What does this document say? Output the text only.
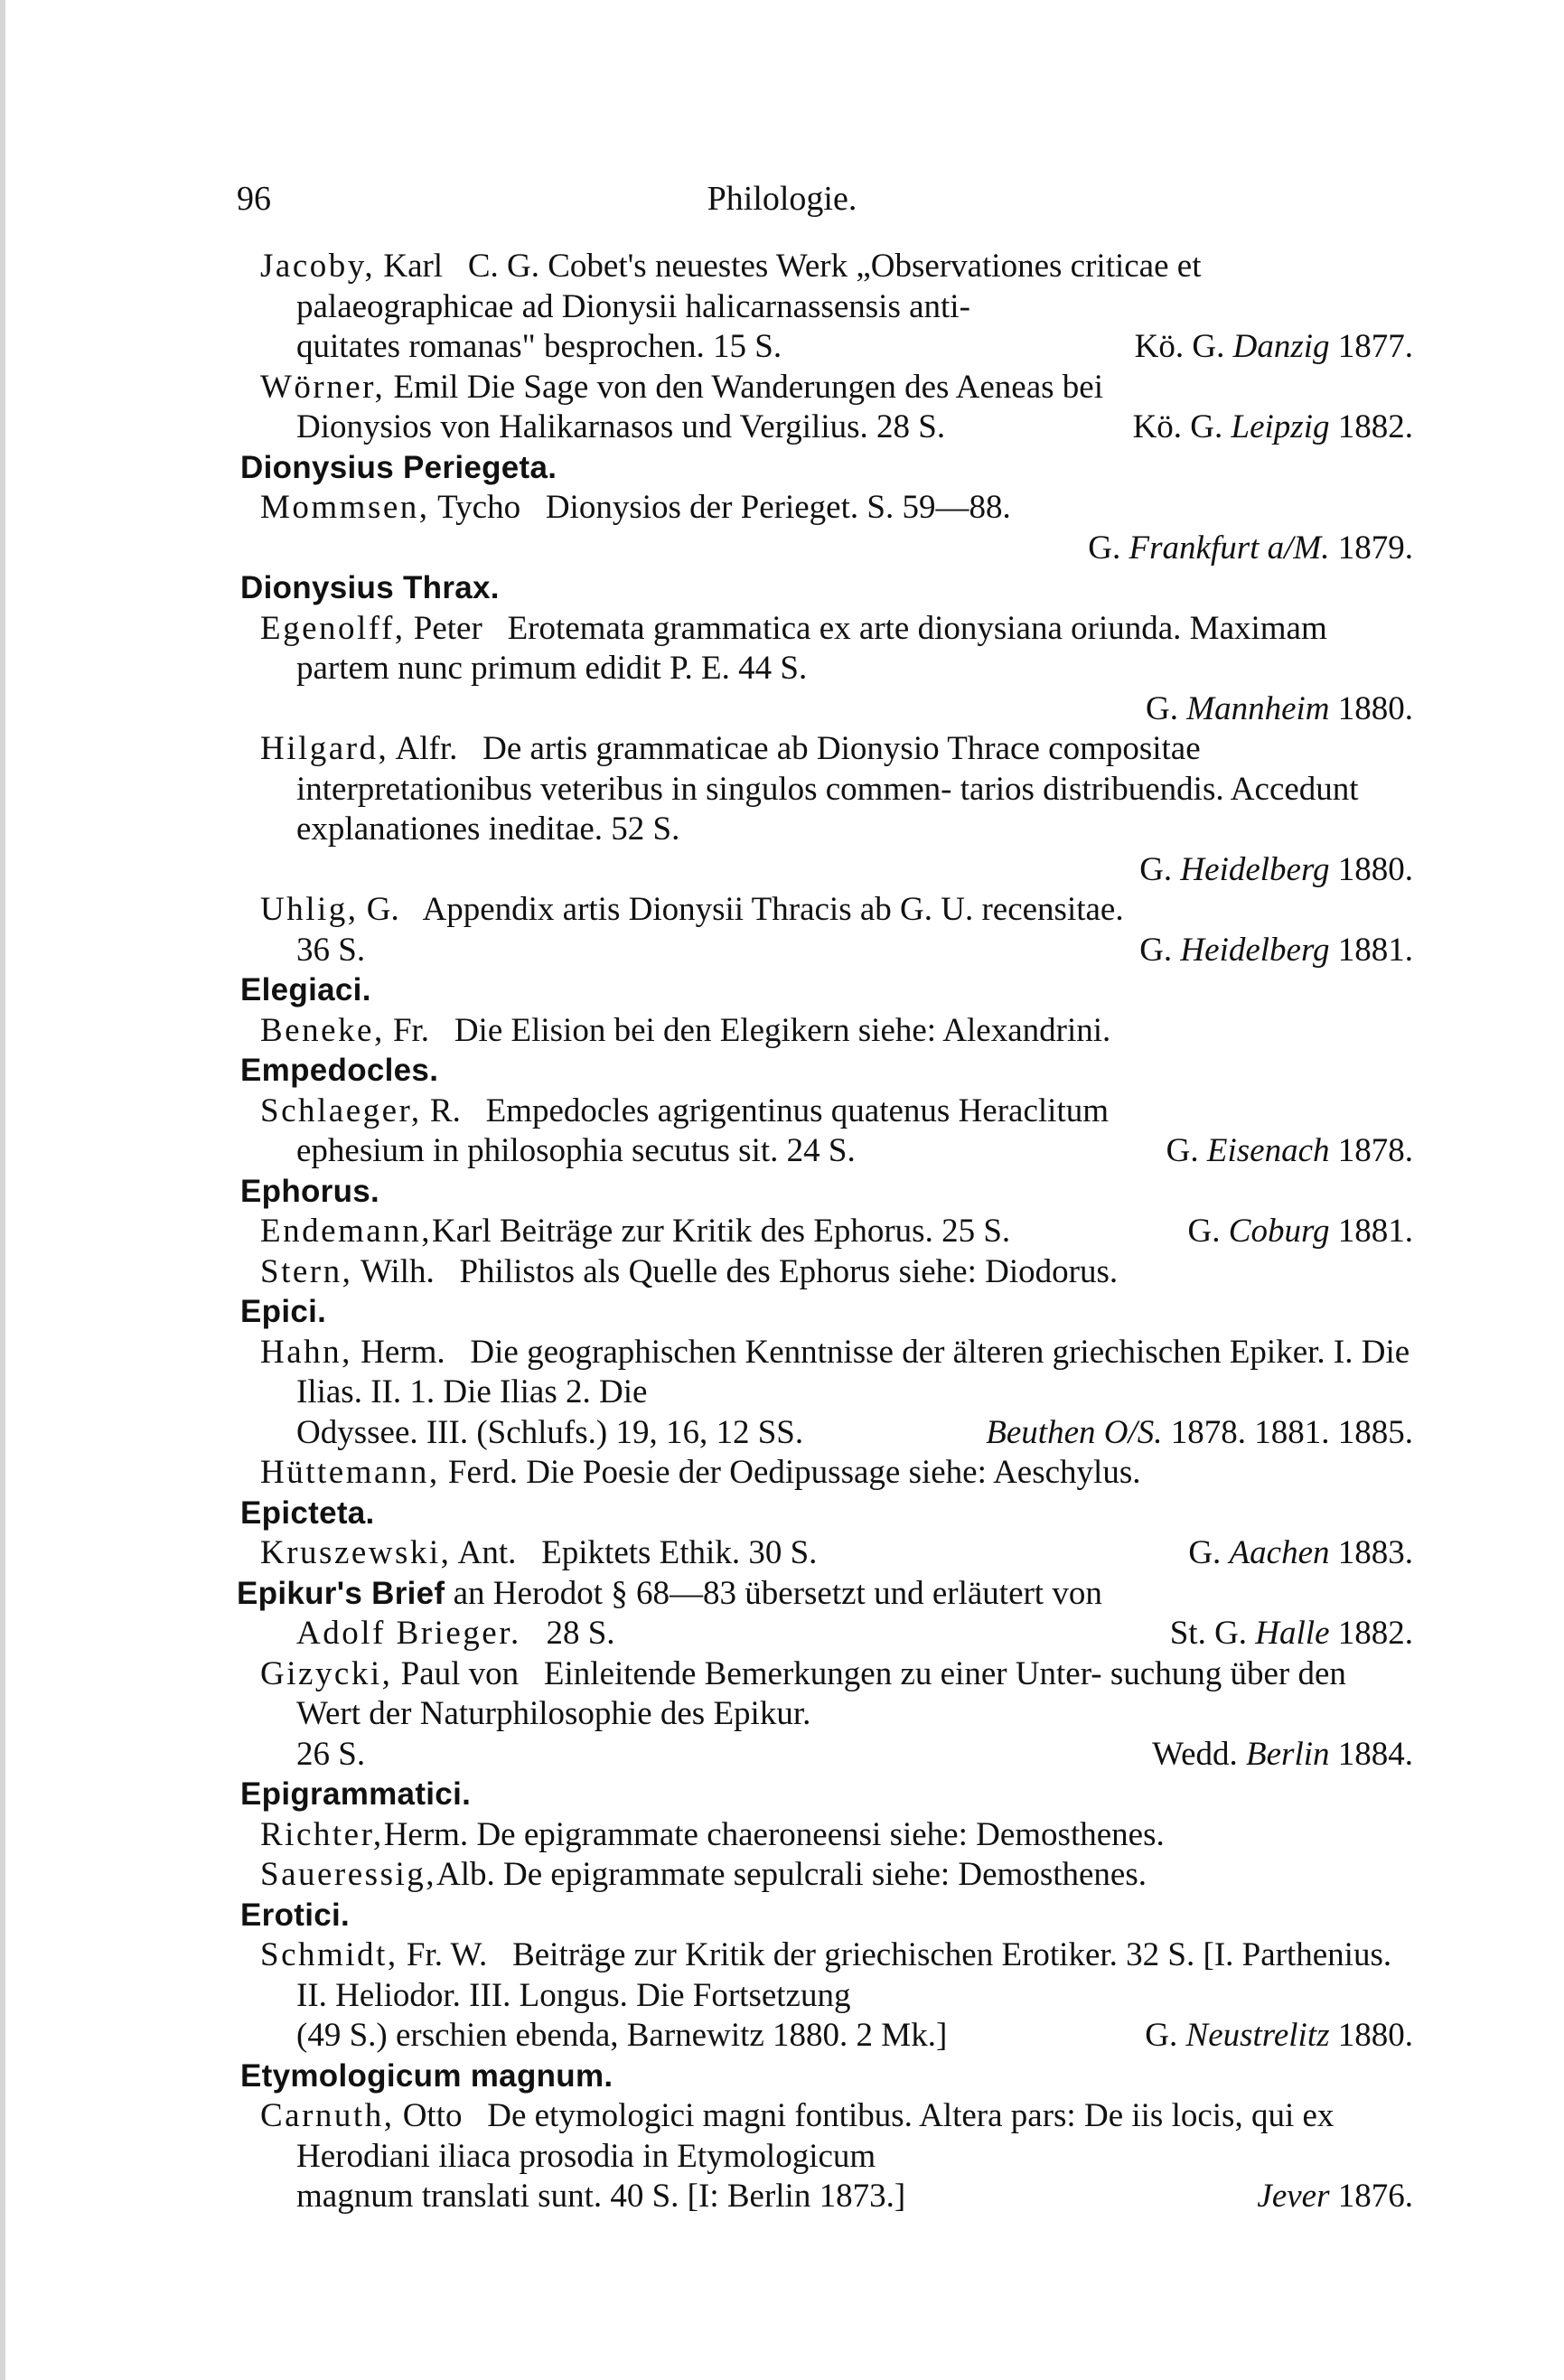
Philologie.
96
Jacoby, Karl C. G. Cobet's neuestes Werk „Observationes criticae et palaeographicae ad Dionysii halicarnassensis anti-
quitates romanas" besprochen. 15 S.	Kö. G. Danzig 1877.
Wörner, Emil Die Sage von den Wanderungen des Aeneas bei
Dionysios von Halikarnasos und Vergilius. 28 S.	Kö. G. Leipzig 1882.
Dionysius Periegeta.
Mommsen, Tycho Dionysios der Perieget. S. 59—88.
G. Frankfurt a/M. 1879.
Dionysius Thrax.
Egenolff, Peter Erotemata grammatica ex arte dionysiana oriunda. Maximam partem nunc primum edidit P. E. 44 S.
G. Mannheim 1880.
Hilgard, Alfr. De artis grammaticae ab Dionysio Thrace compositae interpretationibus veteribus in singulos commen- tarios distribuendis. Accedunt explanationes ineditae. 52 S.
G. Heidelberg 1880.
Uhlig, G. Appendix artis Dionysii Thracis ab G. U. recensitae.
36 S.	G. Heidelberg 1881.
Elegiaci.
Beneke, Fr. Die Elision bei den Elegikern siehe: Alexandrini.
Empedocles.
Schlaeger, R. Empedocles agrigentinus quatenus Heraclitum
ephesium in philosophia secutus sit. 24 S.	G. Eisenach 1878.
Ephorus.
Endemann,Karl Beiträge zur Kritik des Ephorus. 25 S.	G. Coburg 1881.
Stern, Wilh. Philistos als Quelle des Ephorus siehe: Diodorus.
Epici.
Hahn, Herm. Die geographischen Kenntnisse der älteren griechischen Epiker. I. Die Ilias. II. 1. Die Ilias 2. Die
Odyssee. III. (Schlufs.) 19, 16, 12 SS.	Beuthen O/S. 1878. 1881. 1885.
Hüttemann, Ferd. Die Poesie der Oedipussage siehe: Aeschylus.
Epicteta.
Kruszewski, Ant. Epiktets Ethik. 30 S.	G. Aachen 1883.
Epikur's Brief an Herodot § 68—83 übersetzt und erläutert von
Adolf Brieger. 28 S.	St. G. Halle 1882.
Gizycki, Paul von Einleitende Bemerkungen zu einer Unter- suchung über den Wert der Naturphilosophie des Epikur.
26 S.	Wedd. Berlin 1884.
Epigrammatici.
Richter,Herm. De epigrammate chaeroneensi siehe: Demosthenes.
Saueressig,Alb. De epigrammate sepulcrali siehe: Demosthenes.
Erotici.
Schmidt, Fr. W. Beiträge zur Kritik der griechischen Erotiker. 32 S. [I. Parthenius. II. Heliodor. III. Longus. Die Fortsetzung
(49 S.) erschien ebenda, Barnewitz 1880. 2 Mk.]	G. Neustrelitz 1880.
Etymologicum magnum.
Carnuth, Otto De etymologici magni fontibus. Altera pars: De iis locis, qui ex Herodiani iliaca prosodia in Etymologicum
magnum translati sunt. 40 S. [I: Berlin 1873.]	Jever 1876.
